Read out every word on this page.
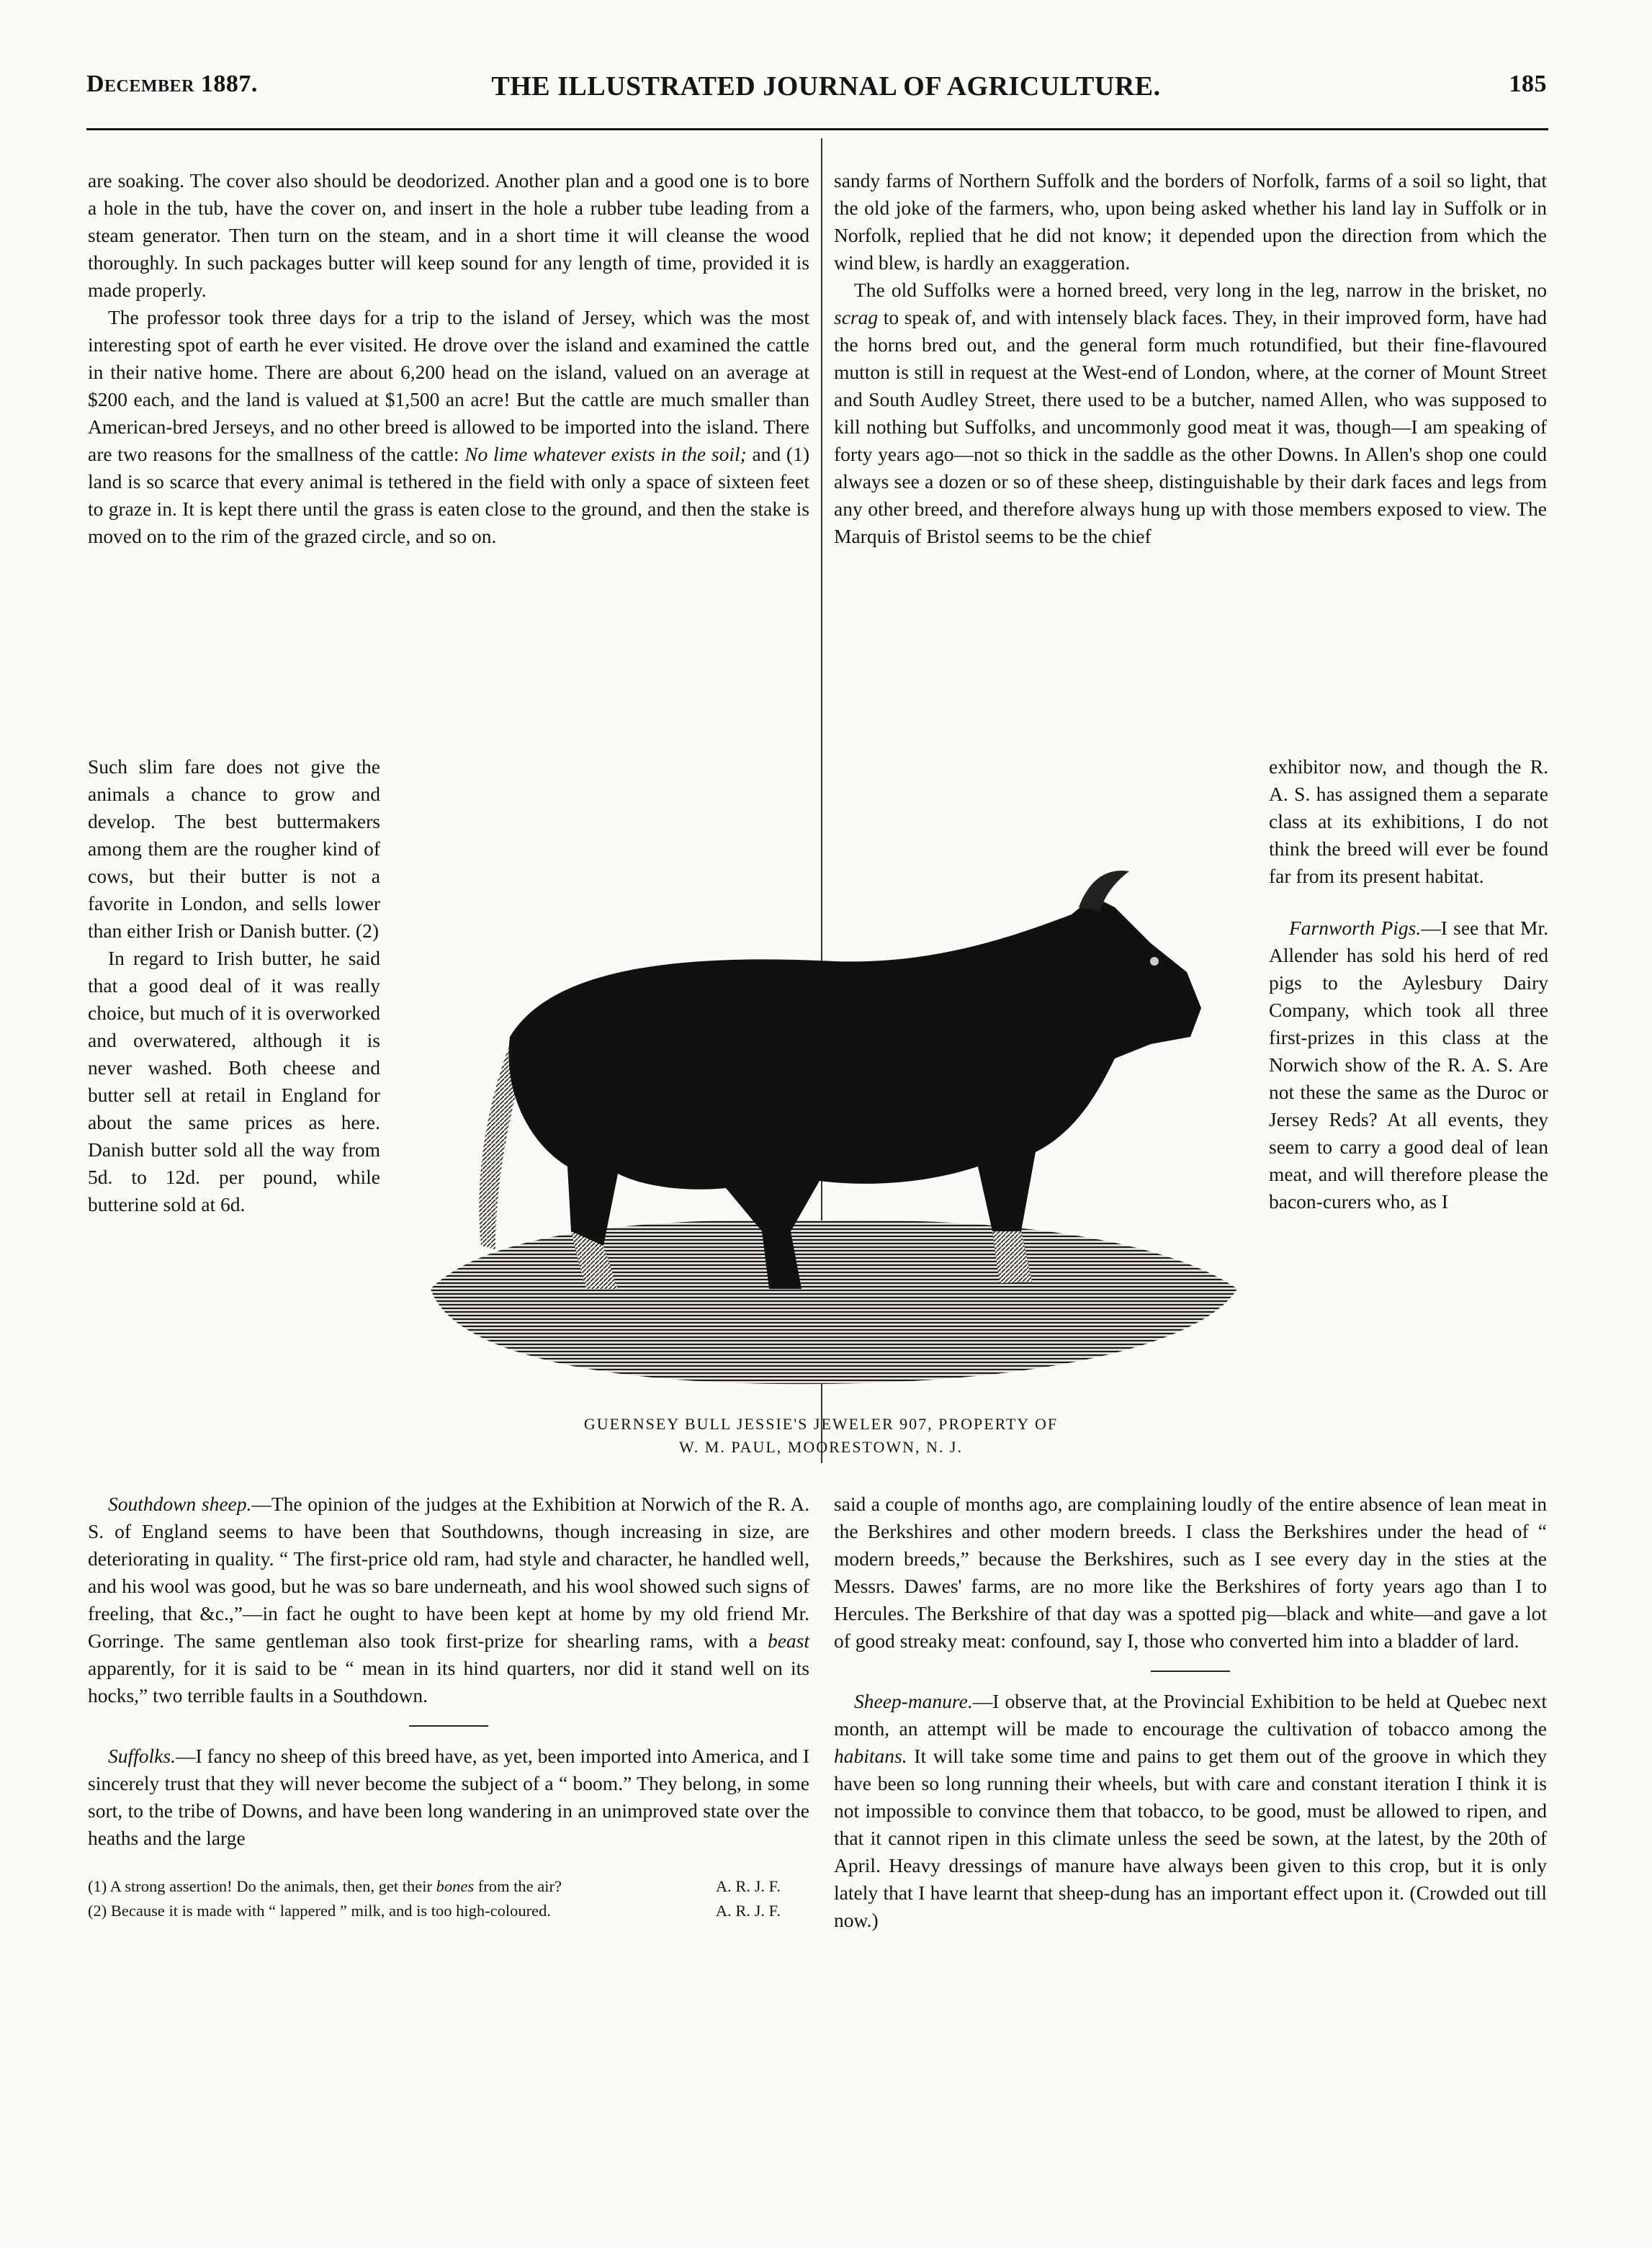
December 1887.	THE ILLUSTRATED JOURNAL OF AGRICULTURE.	185

are soaking. The cover also should be deodorized. Another plan and a good one is to bore a hole in the tub, have the cover on, and insert in the hole a rubber tube leading from a steam generator. Then turn on the steam, and in a short time it will cleanse the wood thoroughly. In such packages butter will keep sound for any length of time, provided it is made properly.

The professor took three days for a trip to the island of Jersey, which was the most interesting spot of earth he ever visited. He drove over the island and examined the cattle in their native home. There are about 6,200 head on the island, valued on an average at $200 each, and the land is valued at $1,500 an acre! But the cattle are much smaller than American-bred Jerseys, and no other breed is allowed to be imported into the island. There are two reasons for the smallness of the cattle: No lime whatever exists in the soil; and (1) land is so scarce that every animal is tethered in the field with only a space of sixteen feet to graze in. It is kept there until the grass is eaten close to the ground, and then the stake is moved on to the rim of the grazed circle, and so on.

Such slim fare does not give the animals a chance to grow and develop. The best buttermakers among them are the rougher kind of cows, but their butter is not a favorite in London, and sells lower than either Irish or Danish butter. (2)

In regard to Irish butter, he said that a good deal of it was really choice, but much of it is overworked and overwatered, although it is never washed. Both cheese and butter sell at retail in England for about the same prices as here. Danish butter sold all the way from 5d. to 12d. per pound, while butterine sold at 6d.

sandy farms of Northern Suffolk and the borders of Norfolk, farms of a soil so light, that the old joke of the farmers, who, upon being asked whether his land lay in Suffolk or in Norfolk, replied that he did not know; it depended upon the direction from which the wind blew, is hardly an exaggeration.

The old Suffolks were a horned breed, very long in the leg, narrow in the brisket, no scrag to speak of, and with intensely black faces. They, in their improved form, have had the horns bred out, and the general form much rotundified, but their fine-flavoured mutton is still in request at the West-end of London, where, at the corner of Mount Street and South Audley Street, there used to be a butcher, named Allen, who was supposed to kill nothing but Suffolks, and uncommonly good meat it was, though—I am speaking of forty years ago—not so thick in the saddle as the other Downs. In Allen's shop one could always see a dozen or so of these sheep, distinguishable by their dark faces and legs from any other breed, and therefore always hung up with those members exposed to view. The Marquis of Bristol seems to be the chief

exhibitor now, and though the R. A. S. has assigned them a separate class at its exhibitions, I do not think the breed will ever be found far from its present habitat.

Farnworth Pigs.—I see that Mr. Allender has sold his herd of red pigs to the Aylesbury Dairy Company, which took all three first-prizes in this class at the Norwich show of the R. A. S. Are not these the same as the Duroc or Jersey Reds? At all events, they seem to carry a good deal of lean meat, and will therefore please the bacon-curers who, as I

GUERNSEY BULL JESSIE'S JEWELER 907, PROPERTY OF
W. M. PAUL, MOORESTOWN, N. J.

Southdown sheep.—The opinion of the judges at the Exhibition at Norwich of the R. A. S. of England seems to have been that Southdowns, though increasing in size, are deteriorating in quality. “ The first-price old ram, had style and character, he handled well, and his wool was good, but he was so bare underneath, and his wool showed such signs of freeling, that &c.,”—in fact he ought to have been kept at home by my old friend Mr. Gorringe. The same gentleman also took first-prize for shearling rams, with a beast apparently, for it is said to be “ mean in its hind quarters, nor did it stand well on its hocks,” two terrible faults in a Southdown.

Suffolks.—I fancy no sheep of this breed have, as yet, been imported into America, and I sincerely trust that they will never become the subject of a “ boom.” They belong, in some sort, to the tribe of Downs, and have been long wandering in an unimproved state over the heaths and the large

(1) A strong assertion! Do the animals, then, get their bones from the air?	A. R. J. F.

(2) Because it is made with “ lappered ” milk, and is too high-coloured.	A. R. J. F.

said a couple of months ago, are complaining loudly of the entire absence of lean meat in the Berkshires and other modern breeds. I class the Berkshires under the head of “ modern breeds,” because the Berkshires, such as I see every day in the sties at the Messrs. Dawes' farms, are no more like the Berkshires of forty years ago than I to Hercules. The Berkshire of that day was a spotted pig—black and white—and gave a lot of good streaky meat: confound, say I, those who converted him into a bladder of lard.

Sheep-manure.—I observe that, at the Provincial Exhibition to be held at Quebec next month, an attempt will be made to encourage the cultivation of tobacco among the habitans. It will take some time and pains to get them out of the groove in which they have been so long running their wheels, but with care and constant iteration I think it is not impossible to convince them that tobacco, to be good, must be allowed to ripen, and that it cannot ripen in this climate unless the seed be sown, at the latest, by the 20th of April. Heavy dressings of manure have always been given to this crop, but it is only lately that I have learnt that sheep-dung has an important effect upon it. (Crowded out till now.)
